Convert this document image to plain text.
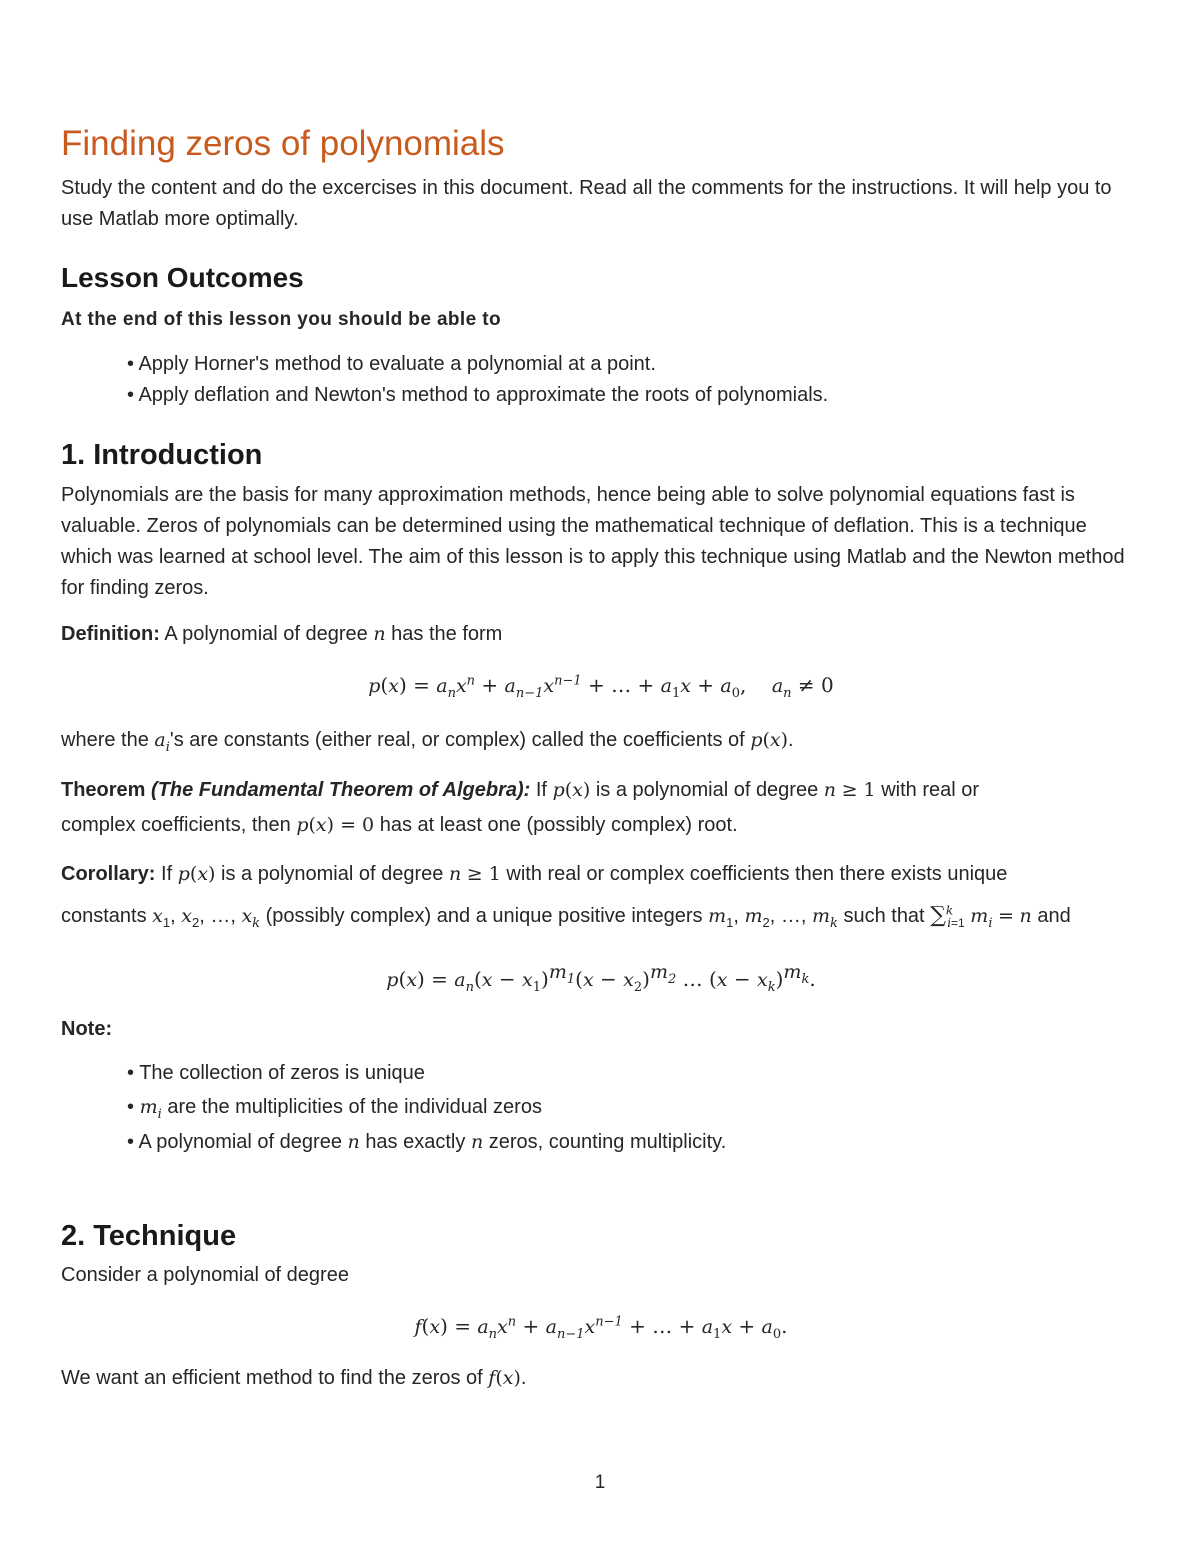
Finding zeros of polynomials
Study the content and do the excercises in this document. Read all the comments for the instructions. It will help you to use Matlab more optimally.
Lesson Outcomes
At the end of this lesson you should be able to
• Apply Horner's method to evaluate a polynomial at a point.
• Apply deflation and Newton's method to approximate the roots of polynomials.
1. Introduction
Polynomials are the basis for many approximation methods, hence being able to solve polynomial equations fast is valuable. Zeros of polynomials can be determined using the mathematical technique of deflation. This is a technique which was learned at school level. The aim of this lesson is to apply this technique using Matlab and the Newton method for finding zeros.
Definition: A polynomial of degree n has the form
$p(x) = a_nx^n + a_{n-1}x^{n-1}$ + … + $a_1x + a_0$,    $a_n \ne 0$
where the $a_i's$ are constants (either real, or complex) called the coefficients of p(x).
Theorem (The Fundamental Theorem of Algebra): If p(x) is a polynomial of degree n ≥ 1 with real or
complex coefficients, then p(x) = 0 has at least one (possibly complex) root.
Corollary: If p(x) is a polynomial of degree n ≥ 1 with real or complex coefficients then there exists unique
constants $x_1$, $x_2$, …, $x_k$ (possibly complex) and a unique positive integers $m_1$, $m_2$, …, $m_k$ such that ∑$^k_{i=1}$ $m_i = n$ and
$p(x) = a_n(x - x_1)^{m_1}(x - x_2)^{m_2}$ … $(x - x_k)^{m_k}$.
Note:
• The collection of zeros is unique
• $m_i$ are the multiplicities of the individual zeros
• A polynomial of degree n has exactly n zeros, counting multiplicity.
2. Technique
Consider a polynomial of degree
$f(x) = a_nx^n + a_{n-1}x^{n-1}$ + … + $a_1x + a_0$.
We want an efficient method to find the zeros of f(x).
1
